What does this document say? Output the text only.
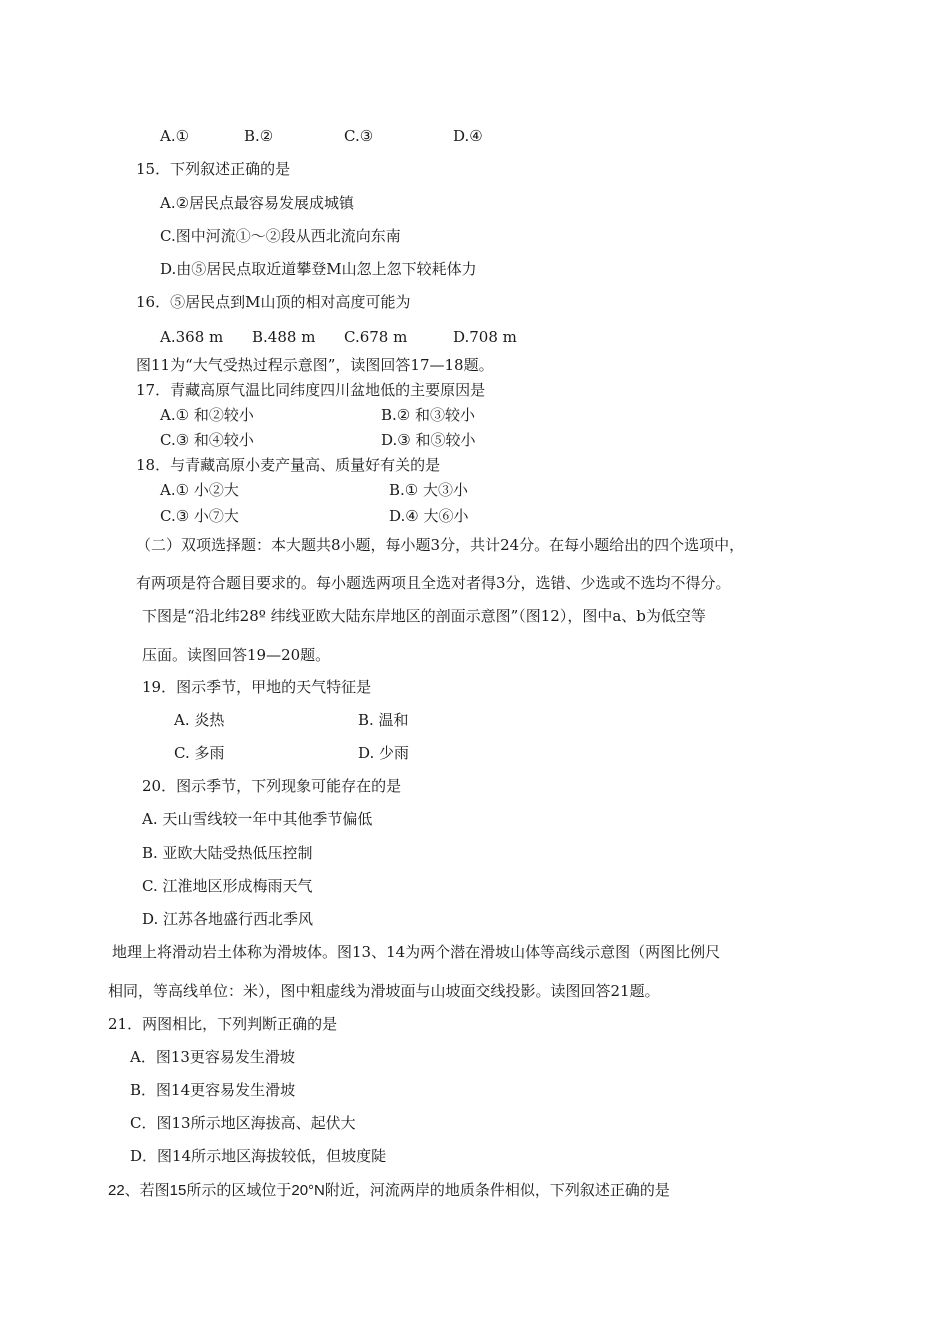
A.①	B.②	C.③	D.④
15．下列叙述正确的是
A.②居民点最容易发展成城镇
C.图中河流①～②段从西北流向东南
D.由⑤居民点取近道攀登M山忽上忽下较耗体力
16．⑤居民点到M山顶的相对高度可能为
A.368 m B.488 m C.678 m	D.708 m
图11为“大气受热过程示意图”，读图回答17—18题。
17．青藏高原气温比同纬度四川盆地低的主要原因是
A.① 和②较小	B.② 和③较小
C.③ 和④较小	D.③ 和⑤较小
18．与青藏高原小麦产量高、质量好有关的是
A.① 小②大	B.① 大③小
C.③ 小⑦大	D.④ 大⑥小
（二）双项选择题：本大题共8小题，每小题3分，共计24分。在每小题给出的四个选项中，
有两项是符合题目要求的。每小题选两项且全选对者得3分，选错、少选或不选均不得分。
下图是“沿北纬28º 纬线亚欧大陆东岸地区的剖面示意图”（图12），图中a、b为低空等
压面。读图回答19—20题。
19．图示季节，甲地的天气特征是
A. 炎热	B. 温和
C. 多雨	D. 少雨
20．图示季节，下列现象可能存在的是
A. 天山雪线较一年中其他季节偏低
B. 亚欧大陆受热低压控制
C. 江淮地区形成梅雨天气
D. 江苏各地盛行西北季风
地理上将滑动岩土体称为滑坡体。图13、14为两个潜在滑坡山体等高线示意图（两图比例尺
相同，等高线单位：米），图中粗虚线为滑坡面与山坡面交线投影。读图回答21题。
21．两图相比，下列判断正确的是
A．图13更容易发生滑坡
B．图14更容易发生滑坡
C．图13所示地区海拔高、起伏大
D．图14所示地区海拔较低，但坡度陡
22、若图15所示的区域位于20°N附近，河流两岸的地质条件相似，下列叙述正确的是
